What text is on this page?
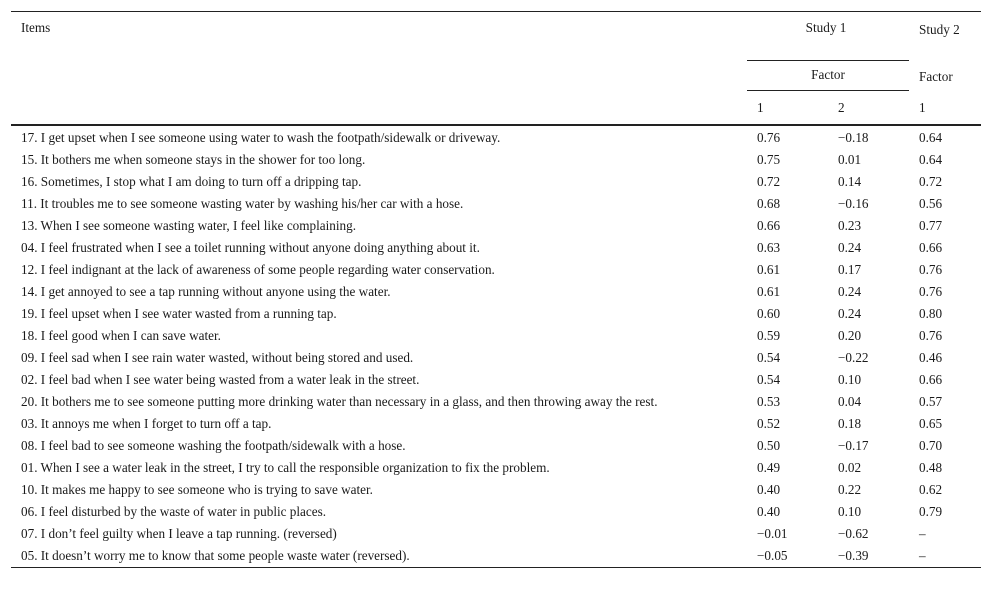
Items	Study 1		Study 2

	Factor		Factor
	1	2	1
17. I get upset when I see someone using water to wash the footpath/sidewalk or driveway.	0.76	−0.18	0.64
15. It bothers me when someone stays in the shower for too long.	0.75	0.01	0.64
16. Sometimes, I stop what I am doing to turn off a dripping tap.	0.72	0.14	0.72
11. It troubles me to see someone wasting water by washing his/her car with a hose.	0.68	−0.16	0.56
13. When I see someone wasting water, I feel like complaining.	0.66	0.23	0.77
04. I feel frustrated when I see a toilet running without anyone doing anything about it.	0.63	0.24	0.66
12. I feel indignant at the lack of awareness of some people regarding water conservation.	0.61	0.17	0.76
14. I get annoyed to see a tap running without anyone using the water.	0.61	0.24	0.76
19. I feel upset when I see water wasted from a running tap.	0.60	0.24	0.80
18. I feel good when I can save water.	0.59	0.20	0.76
09. I feel sad when I see rain water wasted, without being stored and used.	0.54	−0.22	0.46
02. I feel bad when I see water being wasted from a water leak in the street.	0.54	0.10	0.66
20. It bothers me to see someone putting more drinking water than necessary in a glass, and then throwing away the rest.	0.53	0.04	0.57
03. It annoys me when I forget to turn off a tap.	0.52	0.18	0.65
08. I feel bad to see someone washing the footpath/sidewalk with a hose.	0.50	−0.17	0.70
01. When I see a water leak in the street, I try to call the responsible organization to fix the problem.	0.49	0.02	0.48
10. It makes me happy to see someone who is trying to save water.	0.40	0.22	0.62
06. I feel disturbed by the waste of water in public places.	0.40	0.10	0.79
07. I don’t feel guilty when I leave a tap running. (reversed)	−0.01	−0.62	–
05. It doesn’t worry me to know that some people waste water (reversed).	−0.05	−0.39	–
